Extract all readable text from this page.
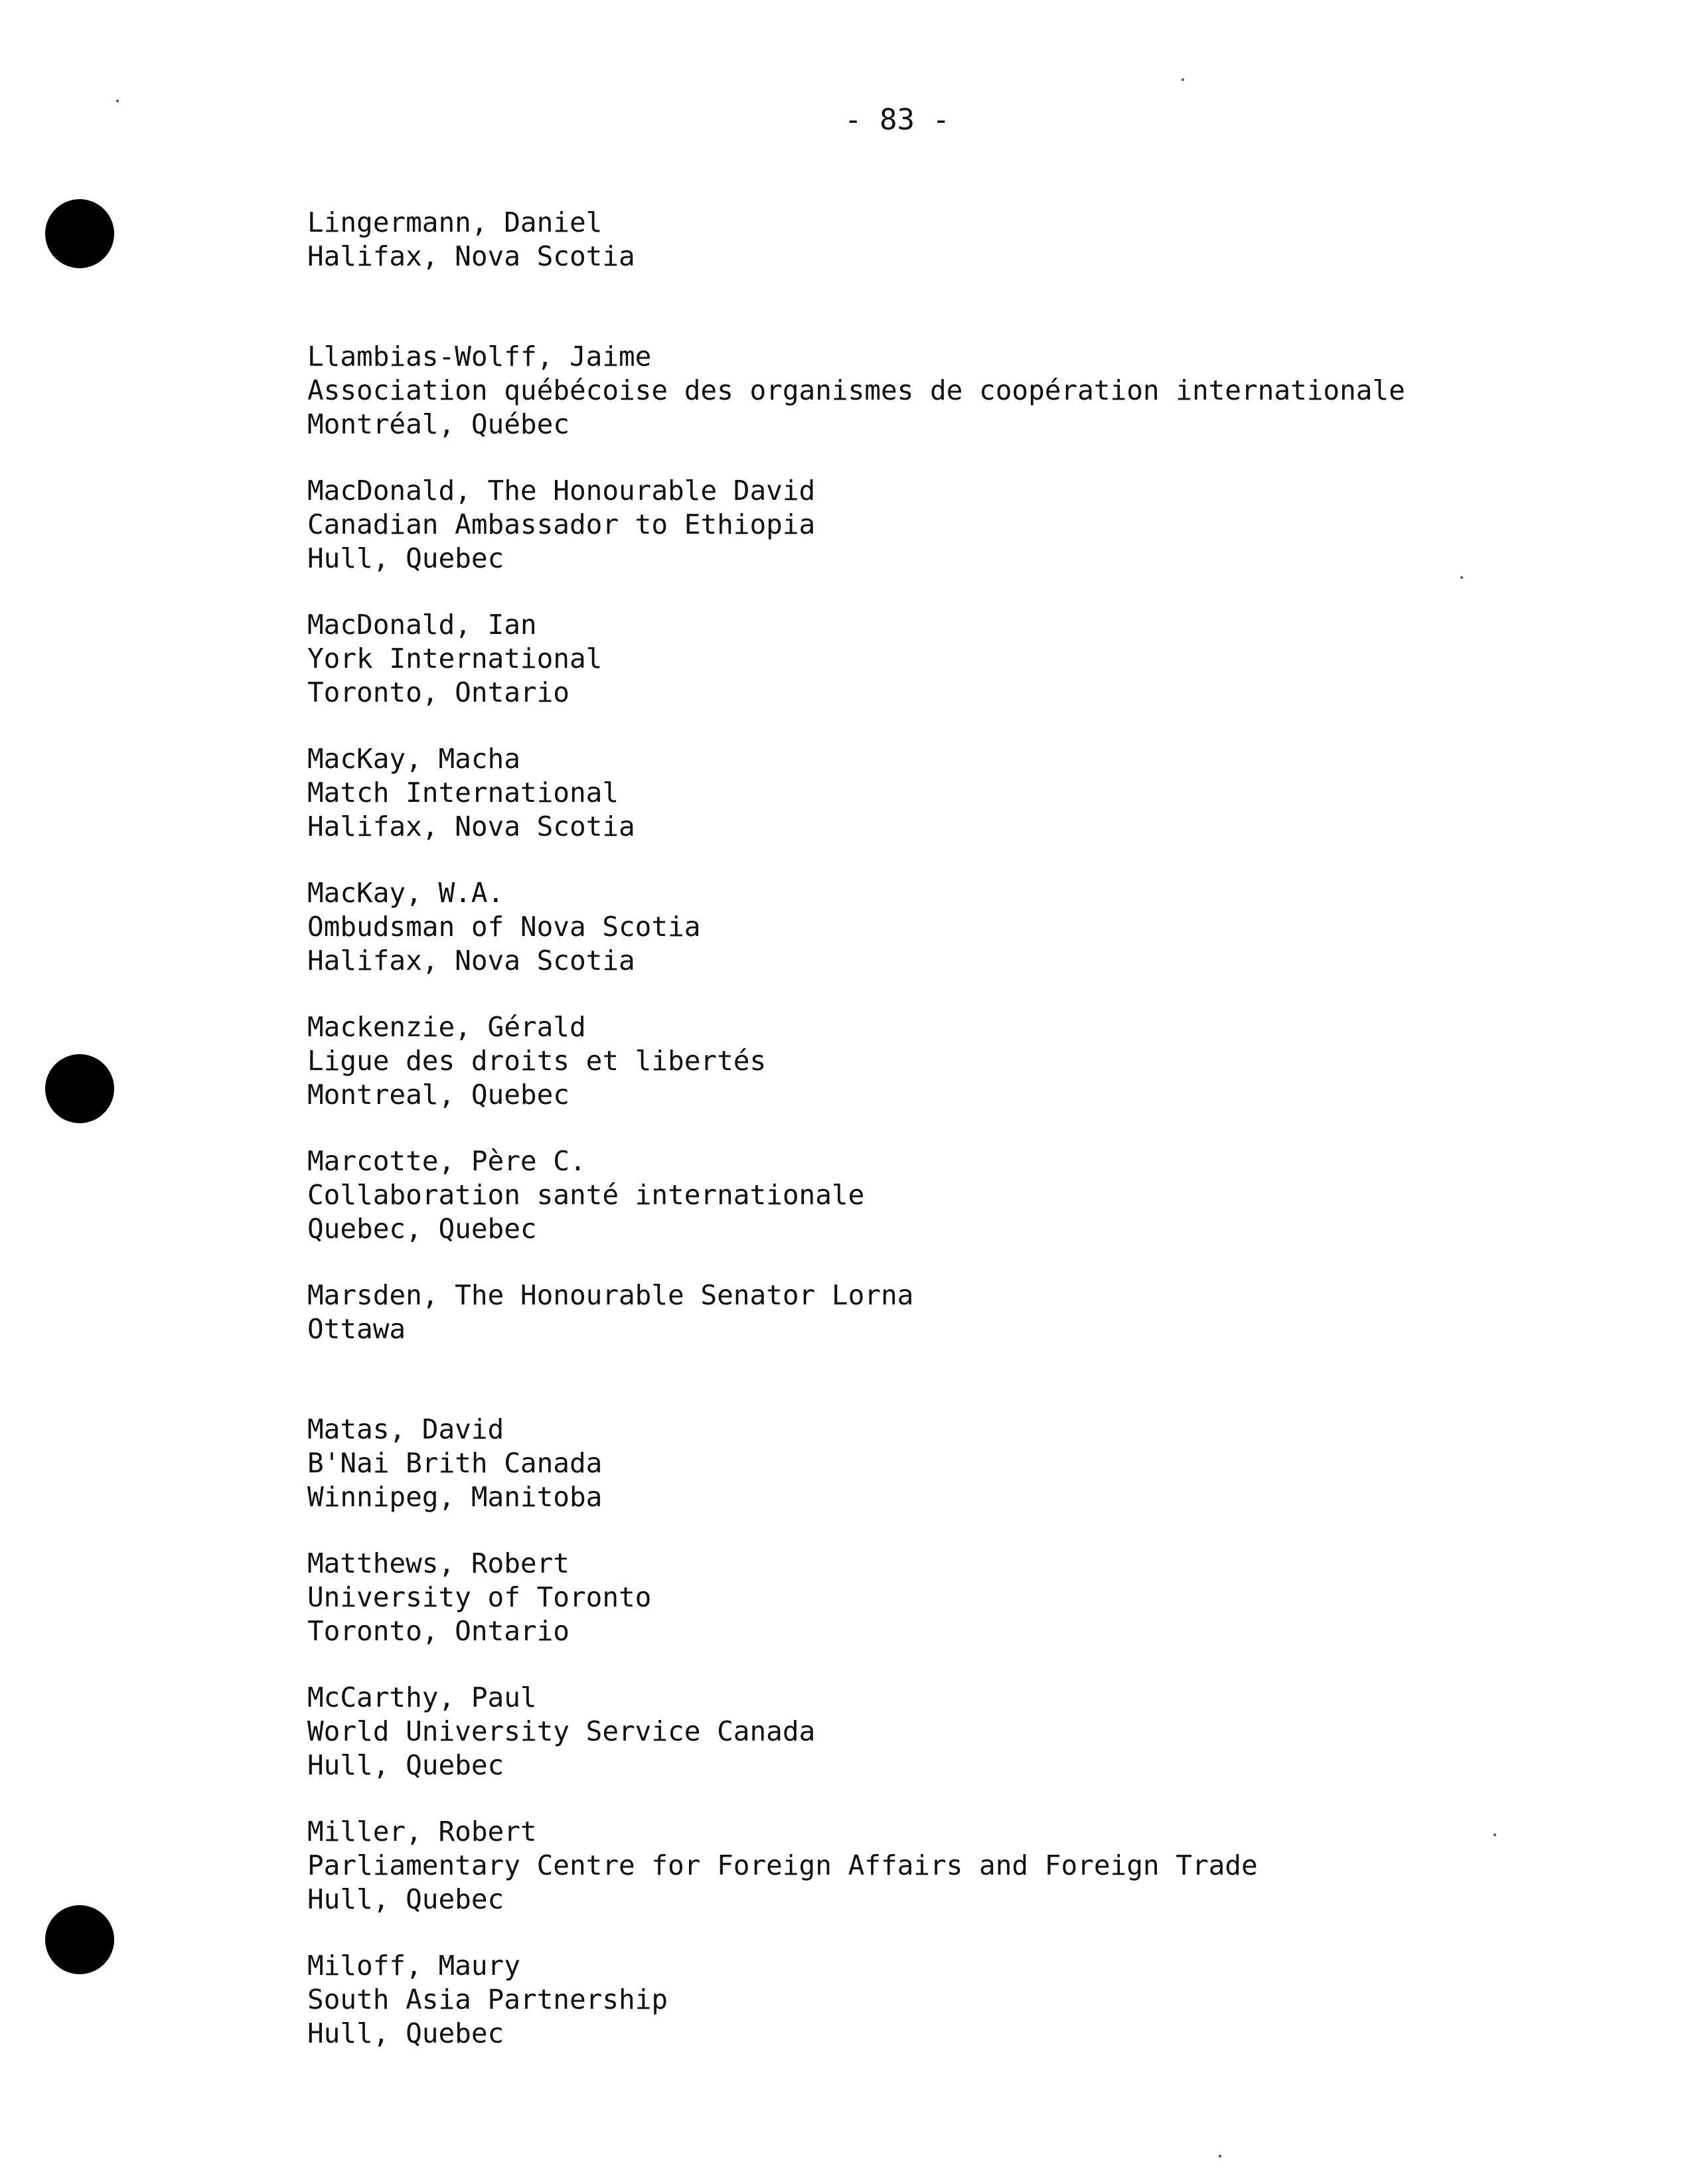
- 83 -
Lingermann, Daniel
Halifax, Nova Scotia
Llambias-Wolff, Jaime
Association québécoise des organismes de coopération internationale
Montréal, Québec
MacDonald, The Honourable David
Canadian Ambassador to Ethiopia
Hull, Quebec
MacDonald, Ian
York International
Toronto, Ontario
MacKay, Macha
Match International
Halifax, Nova Scotia
MacKay, W.A.
Ombudsman of Nova Scotia
Halifax, Nova Scotia
Mackenzie, Gérald
Ligue des droits et libertés
Montreal, Quebec
Marcotte, Père C.
Collaboration santé internationale
Quebec, Quebec
Marsden, The Honourable Senator Lorna
Ottawa
Matas, David
B'Nai Brith Canada
Winnipeg, Manitoba
Matthews, Robert
University of Toronto
Toronto, Ontario
McCarthy, Paul
World University Service Canada
Hull, Quebec
Miller, Robert
Parliamentary Centre for Foreign Affairs and Foreign Trade
Hull, Quebec
Miloff, Maury
South Asia Partnership
Hull, Quebec
